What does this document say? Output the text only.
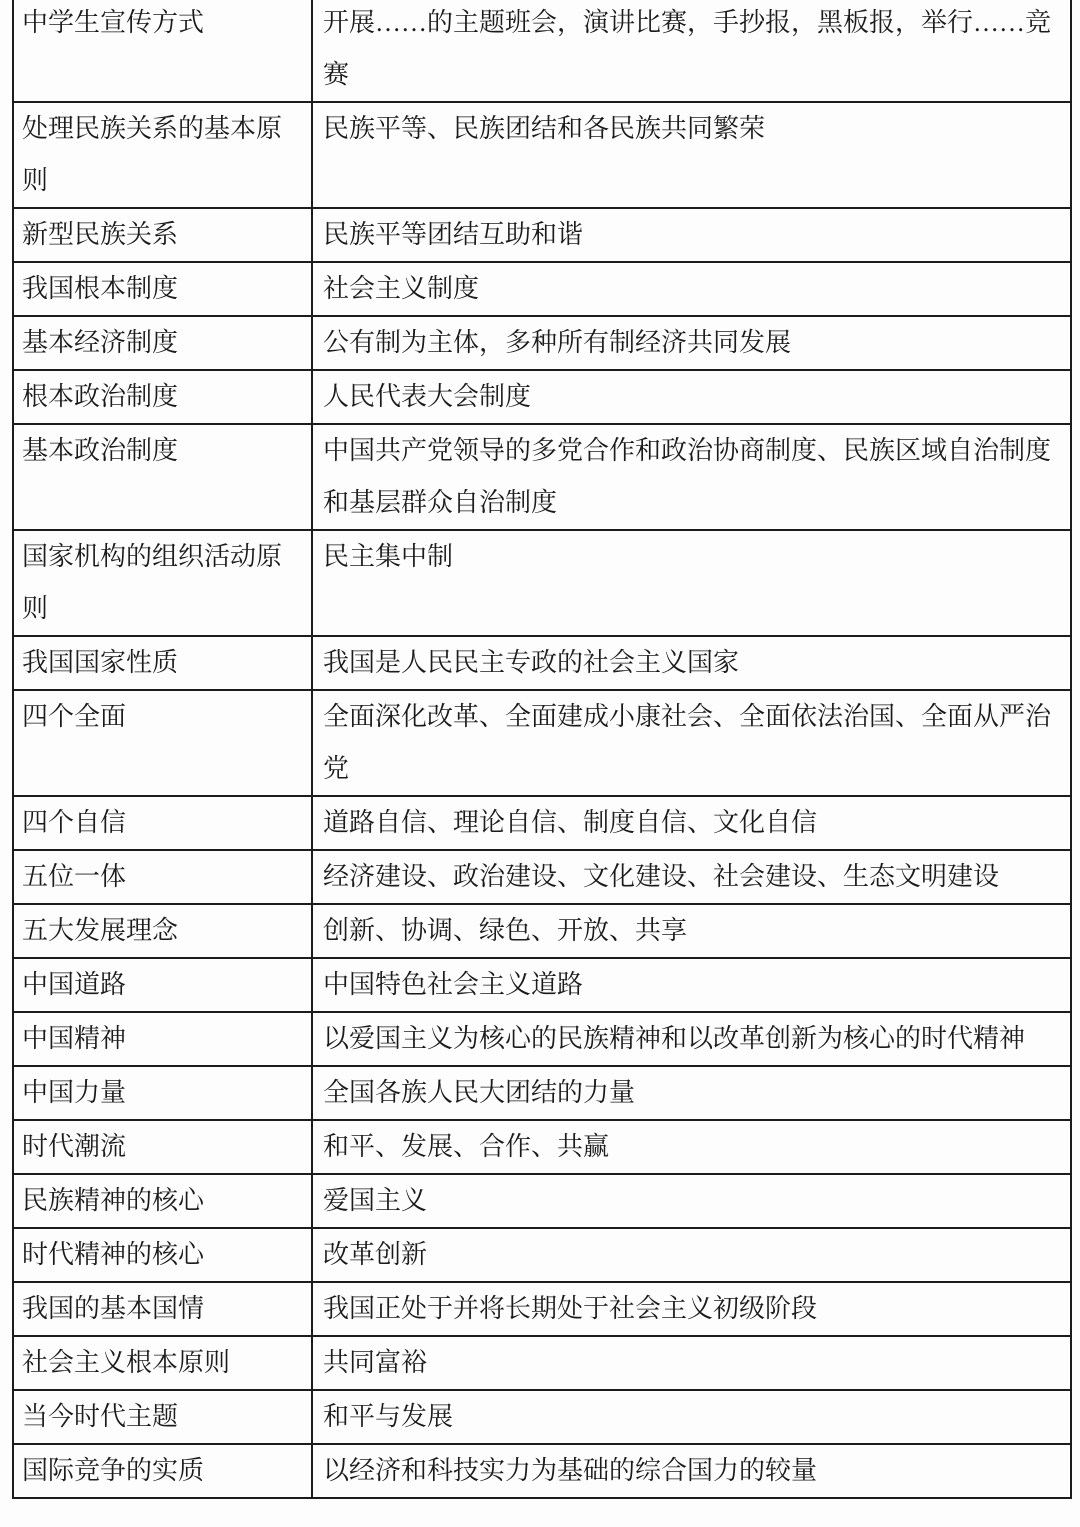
中学生宣传方式	开展……的主题班会，演讲比赛，手抄报，黑板报，举行……竞赛
处理民族关系的基本原则	民族平等、民族团结和各民族共同繁荣
新型民族关系	民族平等团结互助和谐
我国根本制度	社会主义制度
基本经济制度	公有制为主体，多种所有制经济共同发展
根本政治制度	人民代表大会制度
基本政治制度	中国共产党领导的多党合作和政治协商制度、民族区域自治制度和基层群众自治制度
国家机构的组织活动原则	民主集中制
我国国家性质	我国是人民民主专政的社会主义国家
四个全面	全面深化改革、全面建成小康社会、全面依法治国、全面从严治党
四个自信	道路自信、理论自信、制度自信、文化自信
五位一体	经济建设、政治建设、文化建设、社会建设、生态文明建设
五大发展理念	创新、协调、绿色、开放、共享
中国道路	中国特色社会主义道路
中国精神	以爱国主义为核心的民族精神和以改革创新为核心的时代精神
中国力量	全国各族人民大团结的力量
时代潮流	和平、发展、合作、共赢
民族精神的核心	爱国主义
时代精神的核心	改革创新
我国的基本国情	我国正处于并将长期处于社会主义初级阶段
社会主义根本原则	共同富裕
当今时代主题	和平与发展
国际竞争的实质	以经济和科技实力为基础的综合国力的较量
